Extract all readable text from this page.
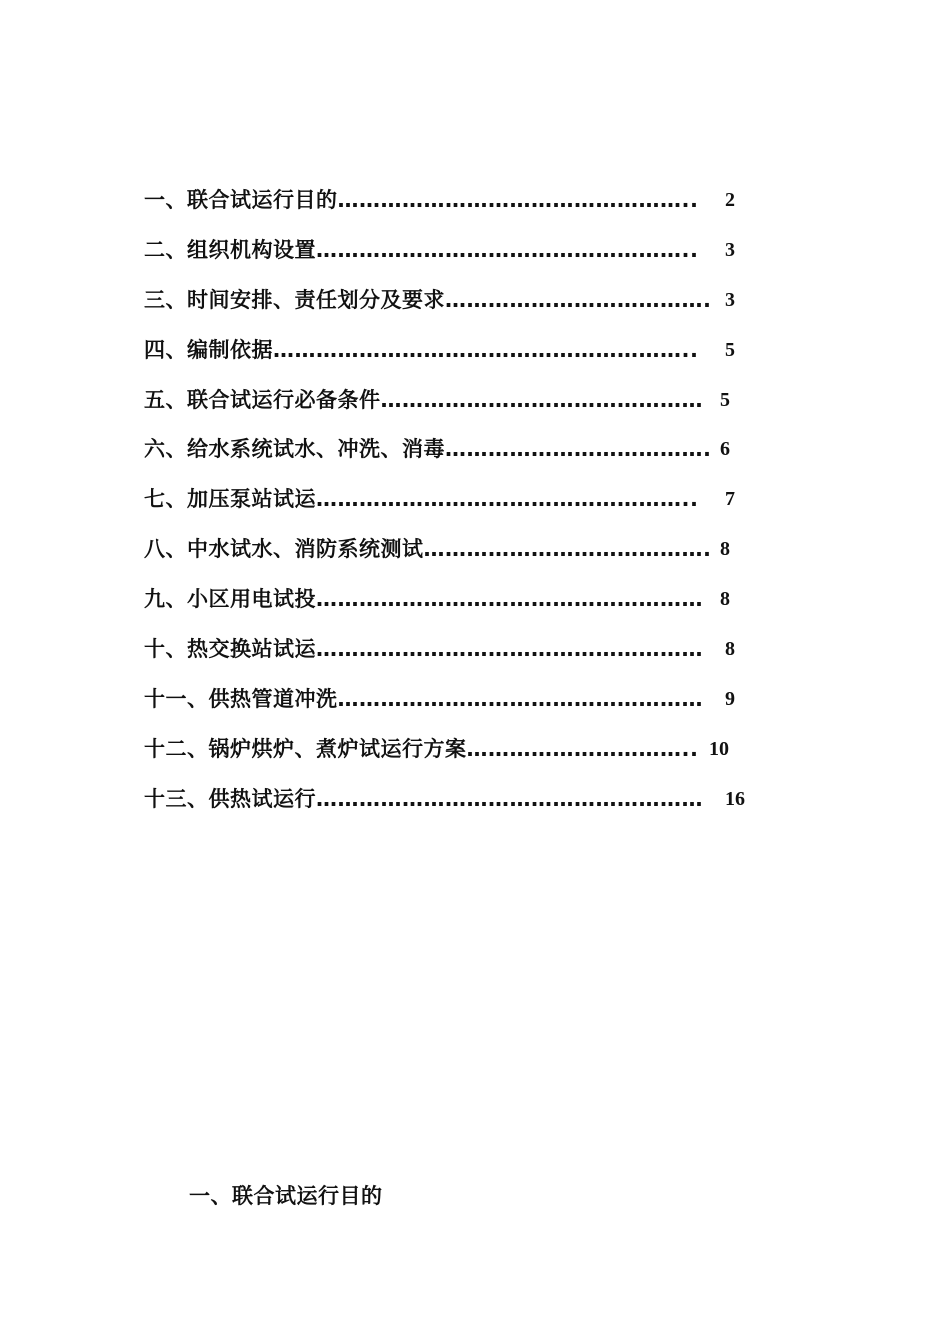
一、联合试运行目的………………………………………….. 2
二、组织机构设置…………………………………………….. 3
三、时间安排、责任划分及要求………………………………. 3
四、编制依据………………………………………………….. 5
五、联合试运行必备条件……………………………………… 5
六、给水系统试水、冲洗、消毒………………………………. 6
七、加压泵站试运…………………………………………….. 7
八、中水试水、消防系统测试…………………………………. 8
九、小区用电试投……………………………………………… 8
十、热交换站试运……………………………………………… 8
十一、供热管道冲洗…………………………………………… 9
十二、锅炉烘炉、煮炉试运行方案………………………….. 10
十三、供热试运行……………………………………………… 16
一、联合试运行目的
